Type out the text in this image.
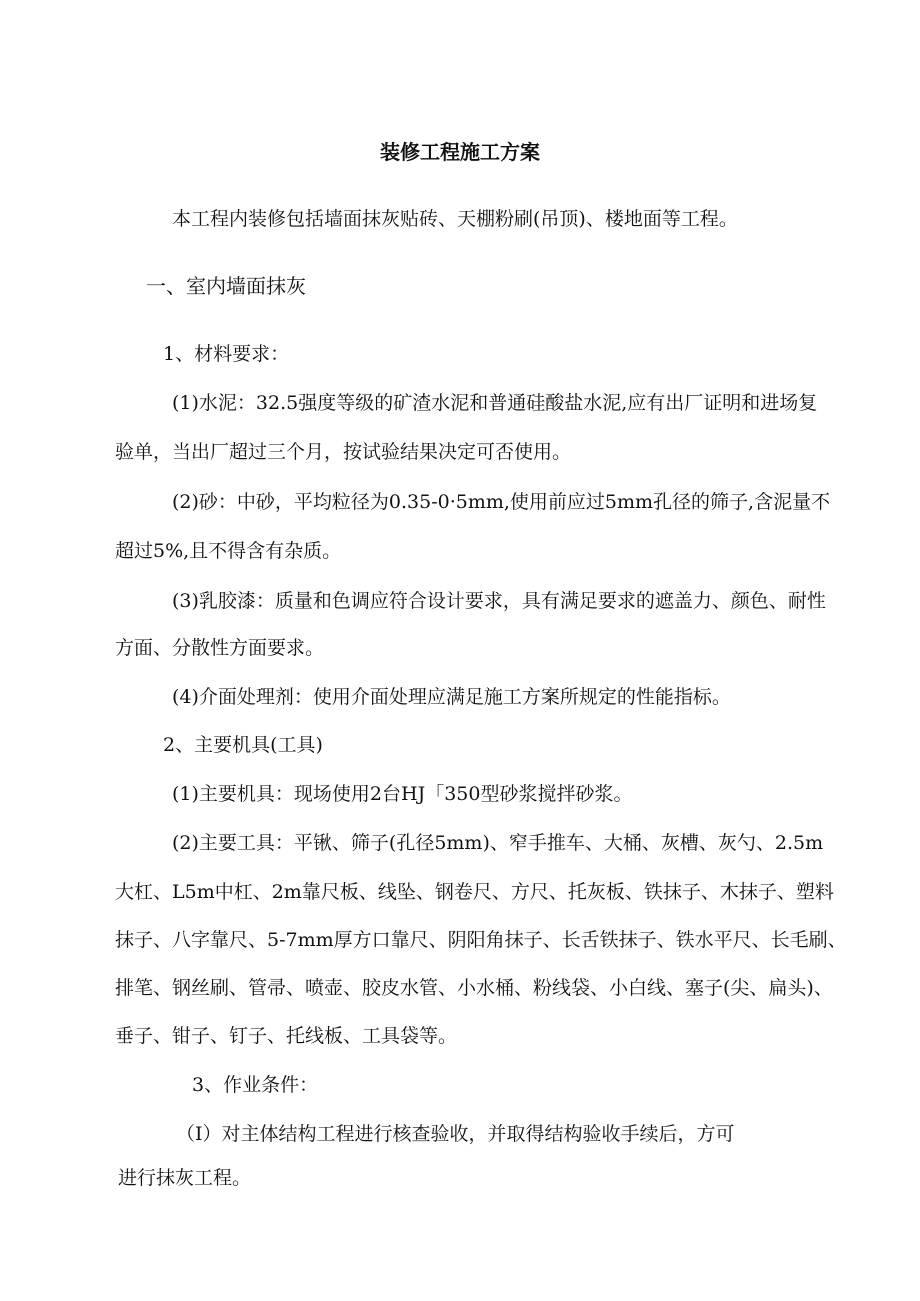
装修工程施工方案

本工程内装修包括墙面抹灰贴砖、天棚粉刷(吊顶)、楼地面等工程。

一、室内墙面抹灰

1、材料要求：

(1)水泥：32.5强度等级的矿渣水泥和普通硅酸盐水泥,应有出厂证明和进场复

验单，当出厂超过三个月，按试验结果决定可否使用。

(2)砂：中砂，平均粒径为0.35-0·5mm,使用前应过5mm孔径的筛子,含泥量不

超过5%,且不得含有杂质。

(3)乳胶漆：质量和色调应符合设计要求，具有满足要求的遮盖力、颜色、耐性

方面、分散性方面要求。

(4)介面处理剂：使用介面处理应满足施工方案所规定的性能指标。

2、主要机具(工具)

(1)主要机具：现场使用2台HJ「350型砂浆搅拌砂浆。

(2)主要工具：平锹、筛子(孔径5mm)、窄手推车、大桶、灰槽、灰勺、2.5m

大杠、L5m中杠、2m靠尺板、线坠、钢卷尺、方尺、托灰板、铁抹子、木抹子、塑料

抹子、八字靠尺、5-7mm厚方口靠尺、阴阳角抹子、长舌铁抹子、铁水平尺、长毛刷、

排笔、钢丝刷、管帚、喷壶、胶皮水管、小水桶、粉线袋、小白线、塞子(尖、扁头)、

垂子、钳子、钉子、托线板、工具袋等。

3、作业条件：

（I）对主体结构工程进行核查验收，并取得结构验收手续后，方可

进行抹灰工程。
